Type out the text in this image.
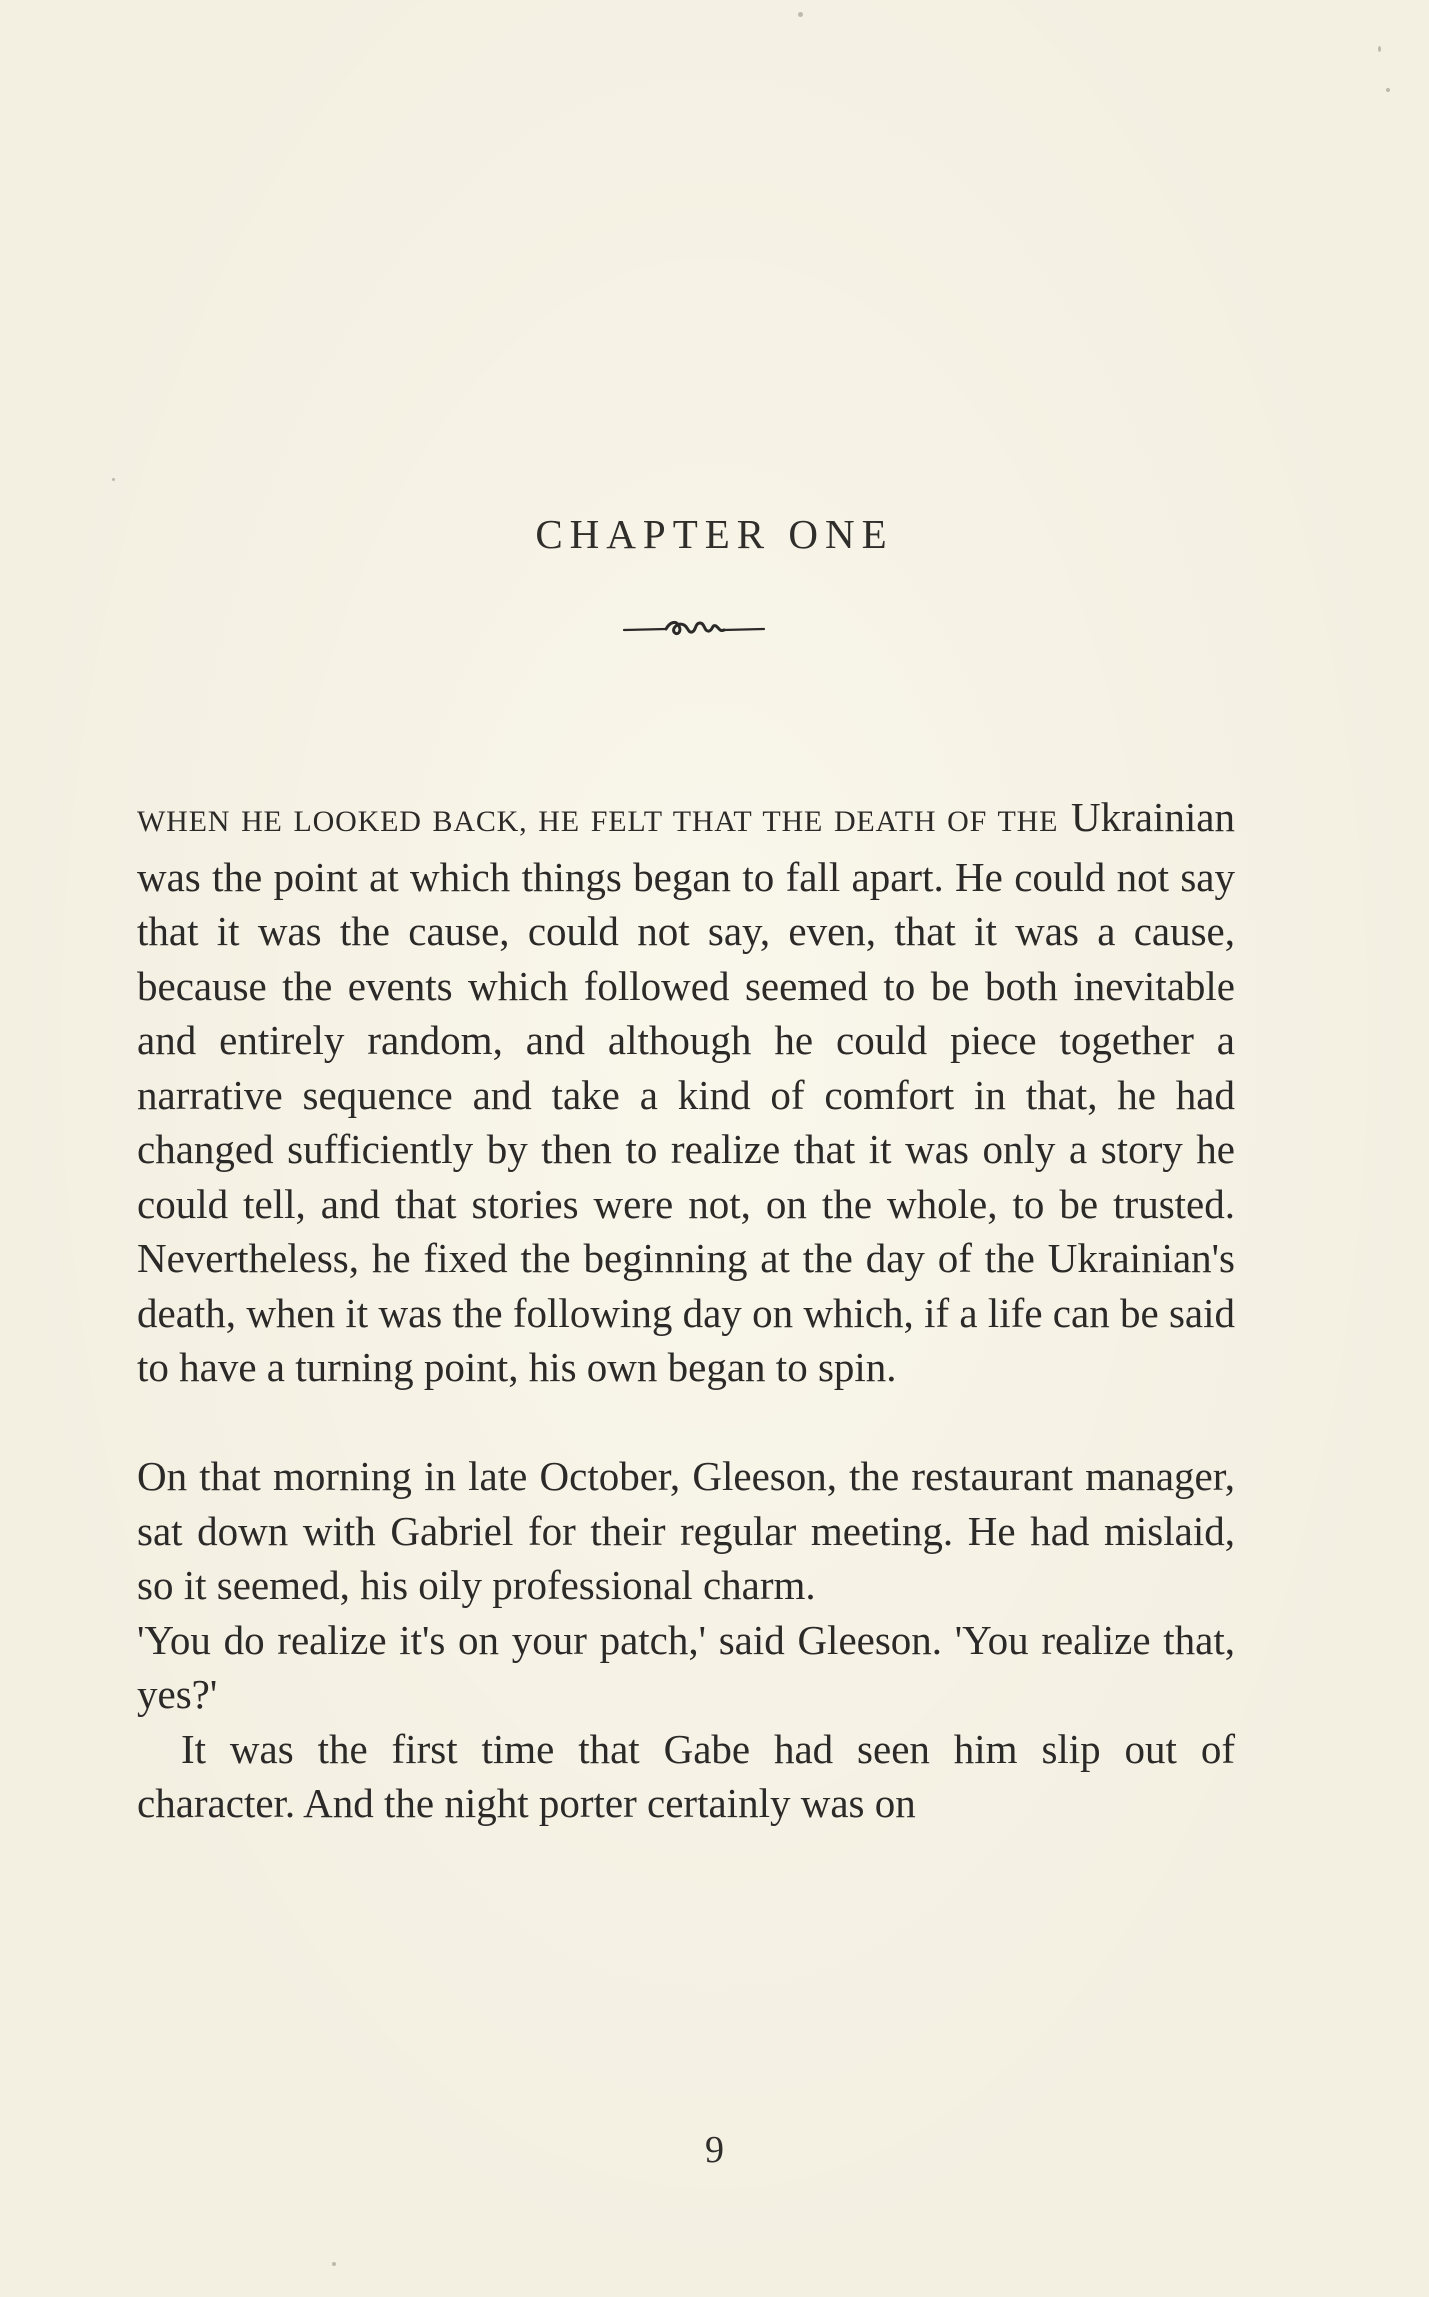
CHAPTER ONE

WHEN HE LOOKED BACK, HE FELT THAT THE DEATH OF THE Ukrainian was the point at which things began to fall apart. He could not say that it was the cause, could not say, even, that it was a cause, because the events which followed seemed to be both inevitable and entirely random, and although he could piece together a narrative sequence and take a kind of comfort in that, he had changed sufficiently by then to realize that it was only a story he could tell, and that stories were not, on the whole, to be trusted. Nevertheless, he fixed the beginning at the day of the Ukrainian's death, when it was the following day on which, if a life can be said to have a turning point, his own began to spin.

On that morning in late October, Gleeson, the restaurant manager, sat down with Gabriel for their regular meeting. He had mislaid, so it seemed, his oily professional charm.

'You do realize it's on your patch,' said Gleeson. 'You realize that, yes?'

It was the first time that Gabe had seen him slip out of character. And the night porter certainly was on

9
